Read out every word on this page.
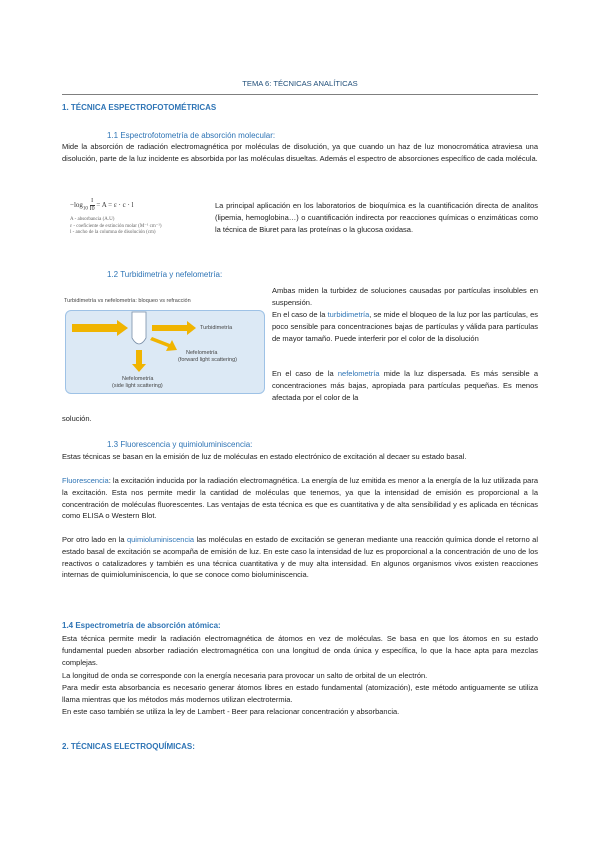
TEMA 6: TÉCNICAS ANALÍTICAS
1. TÉCNICA ESPECTROFOTOMÉTRICAS
1.1 Espectrofotometría de absorción molecular:
Mide la absorción de radiación electromagnética por moléculas de disolución, ya que cuando un haz de luz monocromática atraviesa una disolución, parte de la luz incidente es absorbida por las moléculas disueltas. Además el espectro de absorciones específico de cada molécula.
$-\log_{10} \frac{I}{I0} = A = \varepsilon \cdot c \cdot l$
A - absorbancia (A.U)
ε - coeficiente de extinción molar (M⁻¹ cm⁻¹)
l - ancho de la columna de disolución (cm)
La principal aplicación en los laboratorios de bioquímica es la cuantificación directa de analitos (lipemia, hemoglobina…) o cuantificación indirecta por reacciones químicas o enzimáticas como la técnica de Biuret para las proteínas o la glucosa oxidasa.
1.2 Turbidimetría y nefelometría:
Turbidimetría vs nefelometría: bloqueo vs refracción
Turbidimetría
Nefelometría
(forward light scattering)
Nefelometría
(side light scattering)
Ambas miden la turbidez de soluciones causadas por partículas insolubles en suspensión.
En el caso de la turbidimetría, se mide el bloqueo de la luz por las partículas, es poco sensible para concentraciones bajas de partículas y válida para partículas de mayor tamaño. Puede interferir por el color de la disolución
En el caso de la nefelometría mide la luz dispersada. Es más sensible a concentraciones más bajas, apropiada para partículas pequeñas. Es menos afectada por el color de la
solución.
1.3 Fluorescencia y quimioluminiscencia:
Estas técnicas se basan en la emisión de luz de moléculas en estado electrónico de excitación al decaer su estado basal.
Fluorescencia: la excitación inducida por la radiación electromagnética. La energía de luz emitida es menor a la energía de la luz utilizada para la excitación. Esta nos permite medir la cantidad de moléculas que tenemos, ya que la intensidad de emisión es proporcional a la concentración de moléculas fluorescentes. Las ventajas de esta técnica es que es cuantitativa y de alta sensibilidad y es aplicada en técnicas como ELISA o Western Blot.
Por otro lado en la quimioluminiscencia las moléculas en estado de excitación se generan mediante una reacción química donde el retorno al estado basal de excitación se acompaña de emisión de luz. En este caso la intensidad de luz es proporcional a la concentración de uno de los reactivos o catalizadores y también es una técnica cuantitativa y de muy alta intensidad. En algunos organismos vivos existen reacciones internas de quimioluminiscencia, lo que se conoce como bioluminiscencia.
1.4 Espectrometría de absorción atómica:
Esta técnica permite medir la radiación electromagnética de átomos en vez de moléculas. Se basa en que los átomos en su estado fundamental pueden absorber radiación electromagnética con una longitud de onda única y específica, lo que la hace apta para mezclas complejas.
La longitud de onda se corresponde con la energía necesaria para provocar un salto de orbital de un electrón.
Para medir esta absorbancia es necesario generar átomos libres en estado fundamental (atomización), este método antiguamente se utiliza llama mientras que los métodos más modernos utilizan electrotermia.
En este caso también se utiliza la ley de Lambert - Beer para relacionar concentración y absorbancia.
2. TÉCNICAS ELECTROQUÍMICAS:
